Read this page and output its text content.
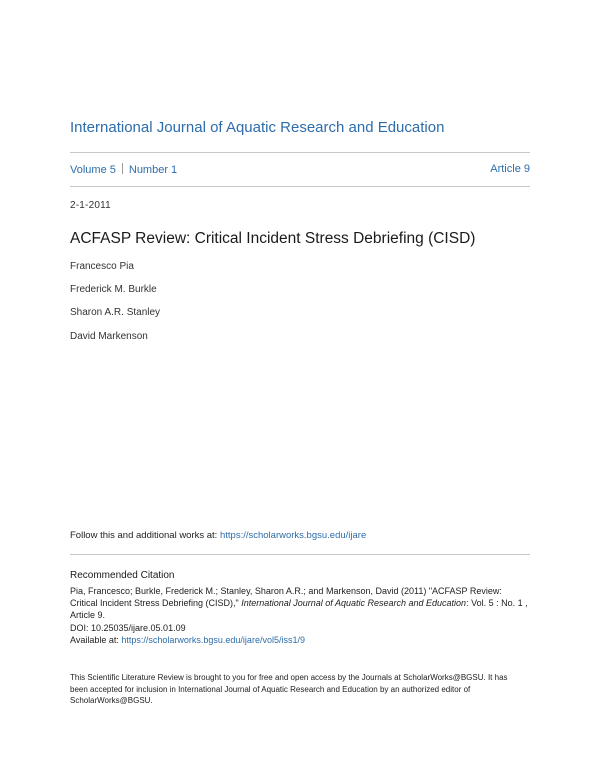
International Journal of Aquatic Research and Education
Volume 5 Number 1	Article 9
2-1-2011
ACFASP Review: Critical Incident Stress Debriefing (CISD)
Francesco Pia
Frederick M. Burkle
Sharon A.R. Stanley
David Markenson
Follow this and additional works at: https://scholarworks.bgsu.edu/ijare
Recommended Citation
Pia, Francesco; Burkle, Frederick M.; Stanley, Sharon A.R.; and Markenson, David (2011) "ACFASP Review: Critical Incident Stress Debriefing (CISD)," International Journal of Aquatic Research and Education: Vol. 5 : No. 1 , Article 9.
DOI: 10.25035/ijare.05.01.09
Available at: https://scholarworks.bgsu.edu/ijare/vol5/iss1/9
This Scientific Literature Review is brought to you for free and open access by the Journals at ScholarWorks@BGSU. It has been accepted for inclusion in International Journal of Aquatic Research and Education by an authorized editor of ScholarWorks@BGSU.
